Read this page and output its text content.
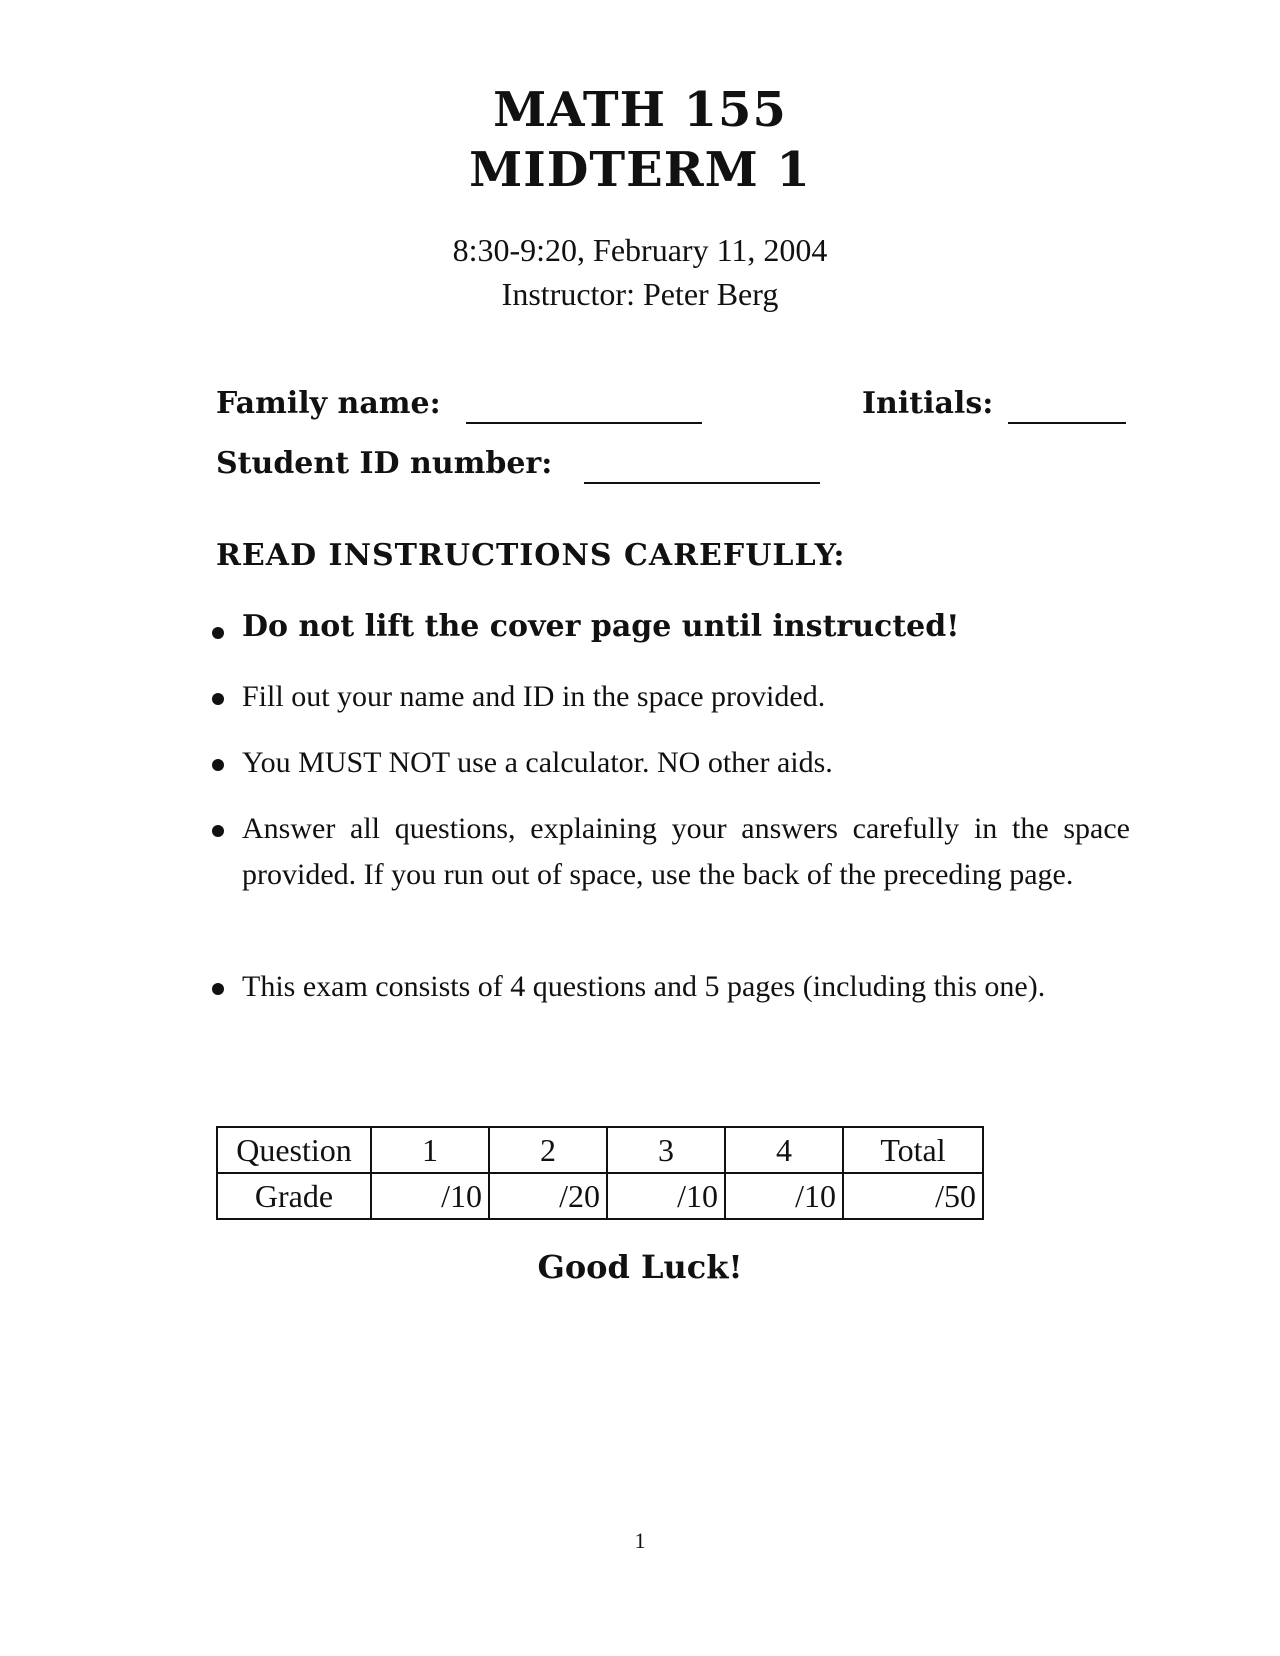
MATH 155
MIDTERM 1
8:30-9:20, February 11, 2004
Instructor: Peter Berg
Family name:	Initials:
Student ID number:
READ INSTRUCTIONS CAREFULLY:
Do not lift the cover page until instructed!
Fill out your name and ID in the space provided.
You MUST NOT use a calculator. NO other aids.
Answer all questions, explaining your answers carefully in the space provided. If you run out of space, use the back of the preceding page.
This exam consists of 4 questions and 5 pages (including this one).
Question	1	2	3	4	Total
Grade	/10	/20	/10	/10	/50
Good Luck!
1
